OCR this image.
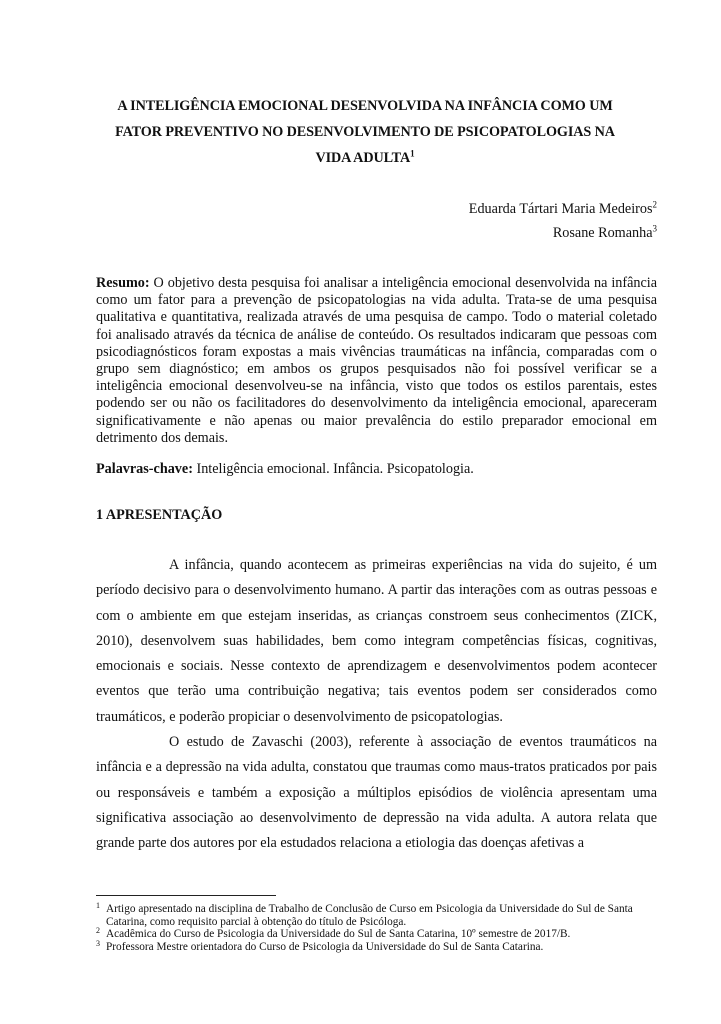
A INTELIGÊNCIA EMOCIONAL DESENVOLVIDA NA INFÂNCIA COMO UM
FATOR PREVENTIVO NO DESENVOLVIMENTO DE PSICOPATOLOGIAS NA
VIDA ADULTA$^1$
Eduarda Tártari Maria Medeiros$^2$
Rosane Romanha$^3$
Resumo: O objetivo desta pesquisa foi analisar a inteligência emocional desenvolvida na infância como um fator para a prevenção de psicopatologias na vida adulta. Trata-se de uma pesquisa qualitativa e quantitativa, realizada através de uma pesquisa de campo. Todo o material coletado foi analisado através da técnica de análise de conteúdo. Os resultados indicaram que pessoas com psicodiagnósticos foram expostas a mais vivências traumáticas na infância, comparadas com o grupo sem diagnóstico; em ambos os grupos pesquisados não foi possível verificar se a inteligência emocional desenvolveu-se na infância, visto que todos os estilos parentais, estes podendo ser ou não os facilitadores do desenvolvimento da inteligência emocional, apareceram significativamente e não apenas ou maior prevalência do estilo preparador emocional em detrimento dos demais.
Palavras-chave: Inteligência emocional. Infância. Psicopatologia.
1 APRESENTAÇÃO

A infância, quando acontecem as primeiras experiências na vida do sujeito, é um período decisivo para o desenvolvimento humano. A partir das interações com as outras pessoas e com o ambiente em que estejam inseridas, as crianças constroem seus conhecimentos (ZICK, 2010), desenvolvem suas habilidades, bem como integram competências físicas, cognitivas, emocionais e sociais. Nesse contexto de aprendizagem e desenvolvimentos podem acontecer eventos que terão uma contribuição negativa; tais eventos podem ser considerados como traumáticos, e poderão propiciar o desenvolvimento de psicopatologias.

O estudo de Zavaschi (2003), referente à associação de eventos traumáticos na infância e a depressão na vida adulta, constatou que traumas como maus-tratos praticados por pais ou responsáveis e também a exposição a múltiplos episódios de violência apresentam uma significativa associação ao desenvolvimento de depressão na vida adulta. A autora relata que grande parte dos autores por ela estudados relaciona a etiologia das doenças afetivas a

1 Artigo apresentado na disciplina de Trabalho de Conclusão de Curso em Psicologia da Universidade do Sul de Santa Catarina, como requisito parcial à obtenção do título de Psicóloga.
2 Acadêmica do Curso de Psicologia da Universidade do Sul de Santa Catarina, 10º semestre de 2017/B.
3 Professora Mestre orientadora do Curso de Psicologia da Universidade do Sul de Santa Catarina.
